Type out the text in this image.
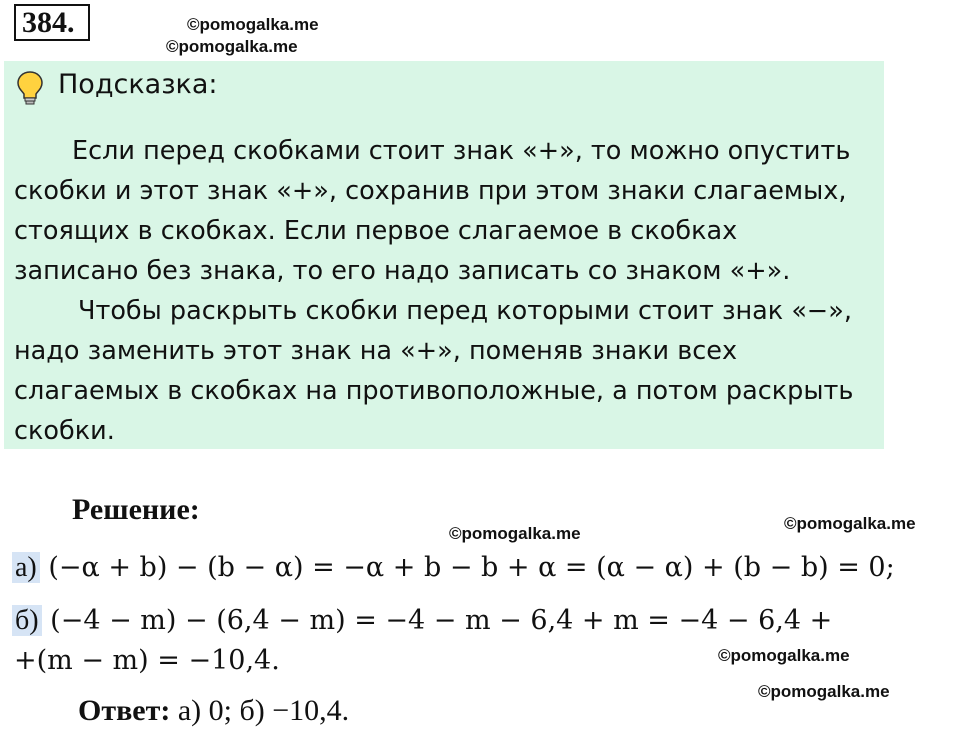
384.	©pomogalka.me
©pomogalka.me
Подсказка:
Если перед скобками стоит знак «+», то можно опустить
скобки и этот знак «+», сохранив при этом знаки слагаемых,
стоящих в скобках. Если первое слагаемое в скобках
записано без знака, то его надо записать со знаком «+».
Чтобы раскрыть скобки перед которыми стоит знак «−»,
надо заменить этот знак на «+», поменяв знаки всех
слагаемых в скобках на противоположные, а потом раскрыть
скобки.
Решение:
©pomogalka.me
©pomogalka.me
а) (−α + b) − (b − α) = −α + b − b + α = (α − α) + (b − b) = 0;
б) (−4 − m) − (6,4 − m) = −4 − m − 6,4 + m = −4 − 6,4 +
+(m − m) = −10,4.	©pomogalka.me
©pomogalka.me
Ответ: а) 0; б) −10,4.
